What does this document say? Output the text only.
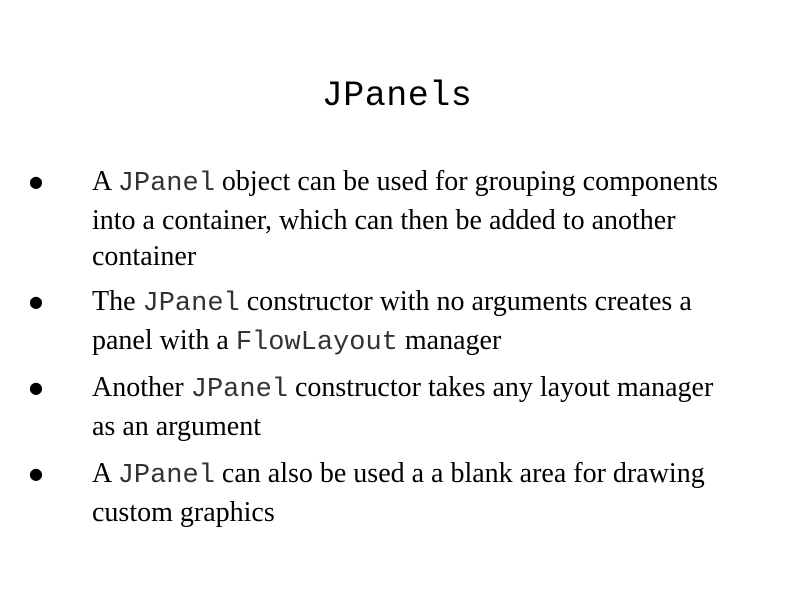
JPanels
● A JPanel object can be used for grouping components into a container, which can then be added to another container
● The JPanel constructor with no arguments creates a panel with a FlowLayout manager
● Another JPanel constructor takes any layout manager as an argument
● A JPanel can also be used a a blank area for drawing custom graphics
